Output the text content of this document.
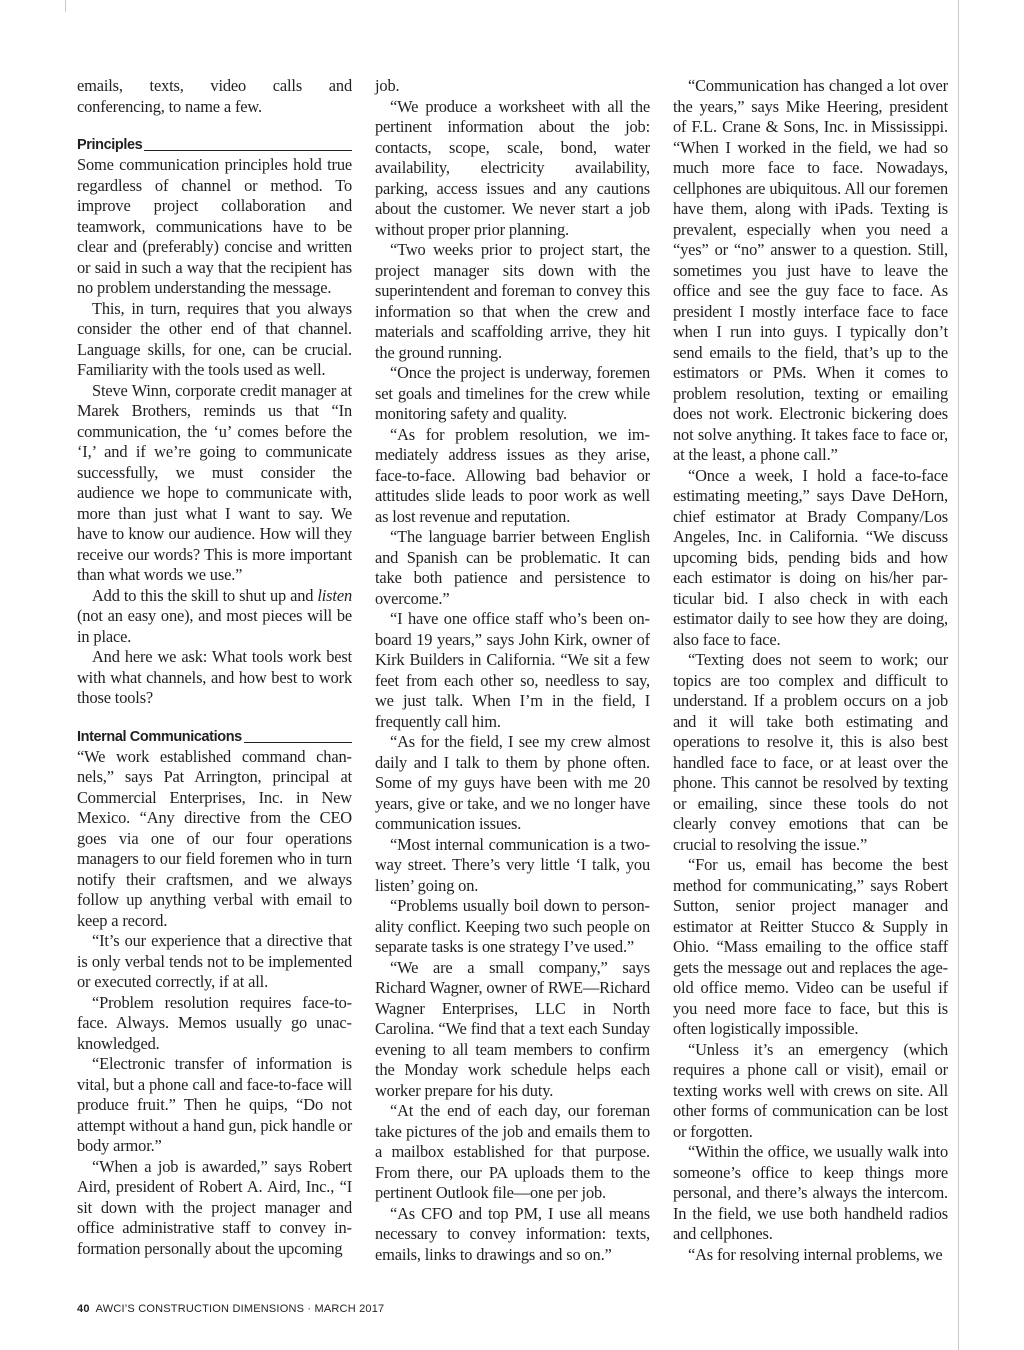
emails, texts, video calls and conferencing, to name a few.

Principles

Some communication principles hold true regardless of channel or method. To improve project collaboration and teamwork, communications have to be clear and (preferably) concise and written or said in such a way that the recipient has no problem understanding the message.

This, in turn, requires that you always consider the other end of that channel. Language skills, for one, can be crucial. Familiarity with the tools used as well.

Steve Winn, corporate credit manager at Marek Brothers, reminds us that “In communication, the ‘u’ comes before the ‘I,’ and if we’re going to communicate successfully, we must consider the audience we hope to communicate with, more than just what I want to say. We have to know our audience. How will they receive our words? This is more important than what words we use.”

Add to this the skill to shut up and listen (not an easy one), and most pieces will be in place.

And here we ask: What tools work best with what channels, and how best to work those tools?

Internal Communications

“We work established command channels,” says Pat Arrington, principal at Commercial Enterprises, Inc. in New Mexico. “Any directive from the CEO goes via one of our four operations managers to our field foremen who in turn notify their craftsmen, and we always follow up anything verbal with email to keep a record.

“It’s our experience that a directive that is only verbal tends not to be implemented or executed correctly, if at all.

“Problem resolution requires face-to-face. Always. Memos usually go unacknowledged.

“Electronic transfer of information is vital, but a phone call and face-to-face will produce fruit.” Then he quips, “Do not attempt without a hand gun, pick handle or body armor.”

“When a job is awarded,” says Robert Aird, president of Robert A. Aird, Inc., “I sit down with the project manager and office administrative staff to convey information personally about the upcoming

job.

“We produce a worksheet with all the pertinent information about the job: contacts, scope, scale, bond, water availability, electricity availability, parking, access issues and any cautions about the customer. We never start a job without proper prior planning.

“Two weeks prior to project start, the project manager sits down with the superintendent and foreman to convey this information so that when the crew and materials and scaffolding arrive, they hit the ground running.

“Once the project is underway, foremen set goals and timelines for the crew while monitoring safety and quality.

“As for problem resolution, we immediately address issues as they arise, face-to-face. Allowing bad behavior or attitudes slide leads to poor work as well as lost revenue and reputation.

“The language barrier between English and Spanish can be problematic. It can take both patience and persistence to overcome.”

“I have one office staff who’s been onboard 19 years,” says John Kirk, owner of Kirk Builders in California. “We sit a few feet from each other so, needless to say, we just talk. When I’m in the field, I frequently call him.

“As for the field, I see my crew almost daily and I talk to them by phone often. Some of my guys have been with me 20 years, give or take, and we no longer have communication issues.

“Most internal communication is a two-way street. There’s very little ‘I talk, you listen’ going on.

“Problems usually boil down to personality conflict. Keeping two such people on separate tasks is one strategy I’ve used.”

“We are a small company,” says Richard Wagner, owner of RWE—Richard Wagner Enterprises, LLC in North Carolina. “We find that a text each Sunday evening to all team members to confirm the Monday work schedule helps each worker prepare for his duty.

“At the end of each day, our foreman take pictures of the job and emails them to a mailbox established for that purpose. From there, our PA uploads them to the pertinent Outlook file—one per job.

“As CFO and top PM, I use all means necessary to convey information: texts, emails, links to drawings and so on.”

“Communication has changed a lot over the years,” says Mike Heering, president of F.L. Crane & Sons, Inc. in Mississippi. “When I worked in the field, we had so much more face to face. Nowadays, cellphones are ubiquitous. All our foremen have them, along with iPads. Texting is prevalent, especially when you need a “yes” or “no” answer to a question. Still, sometimes you just have to leave the office and see the guy face to face. As president I mostly interface face to face when I run into guys. I typically don’t send emails to the field, that’s up to the estimators or PMs. When it comes to problem resolution, texting or emailing does not work. Electronic bickering does not solve anything. It takes face to face or, at the least, a phone call.”

“Once a week, I hold a face-to-face estimating meeting,” says Dave DeHorn, chief estimator at Brady Company/Los Angeles, Inc. in California. “We discuss upcoming bids, pending bids and how each estimator is doing on his/her particular bid. I also check in with each estimator daily to see how they are doing, also face to face.

“Texting does not seem to work; our topics are too complex and difficult to understand. If a problem occurs on a job and it will take both estimating and operations to resolve it, this is also best handled face to face, or at least over the phone. This cannot be resolved by texting or emailing, since these tools do not clearly convey emotions that can be crucial to resolving the issue.”

“For us, email has become the best method for communicating,” says Robert Sutton, senior project manager and estimator at Reitter Stucco & Supply in Ohio. “Mass emailing to the office staff gets the message out and replaces the age-old office memo. Video can be useful if you need more face to face, but this is often logistically impossible.

“Unless it’s an emergency (which requires a phone call or visit), email or texting works well with crews on site. All other forms of communication can be lost or forgotten.

“Within the office, we usually walk into someone’s office to keep things more personal, and there’s always the intercom. In the field, we use both handheld radios and cellphones.

“As for resolving internal problems, we

40 AWCI’S CONSTRUCTION DIMENSIONS · MARCH 2017
